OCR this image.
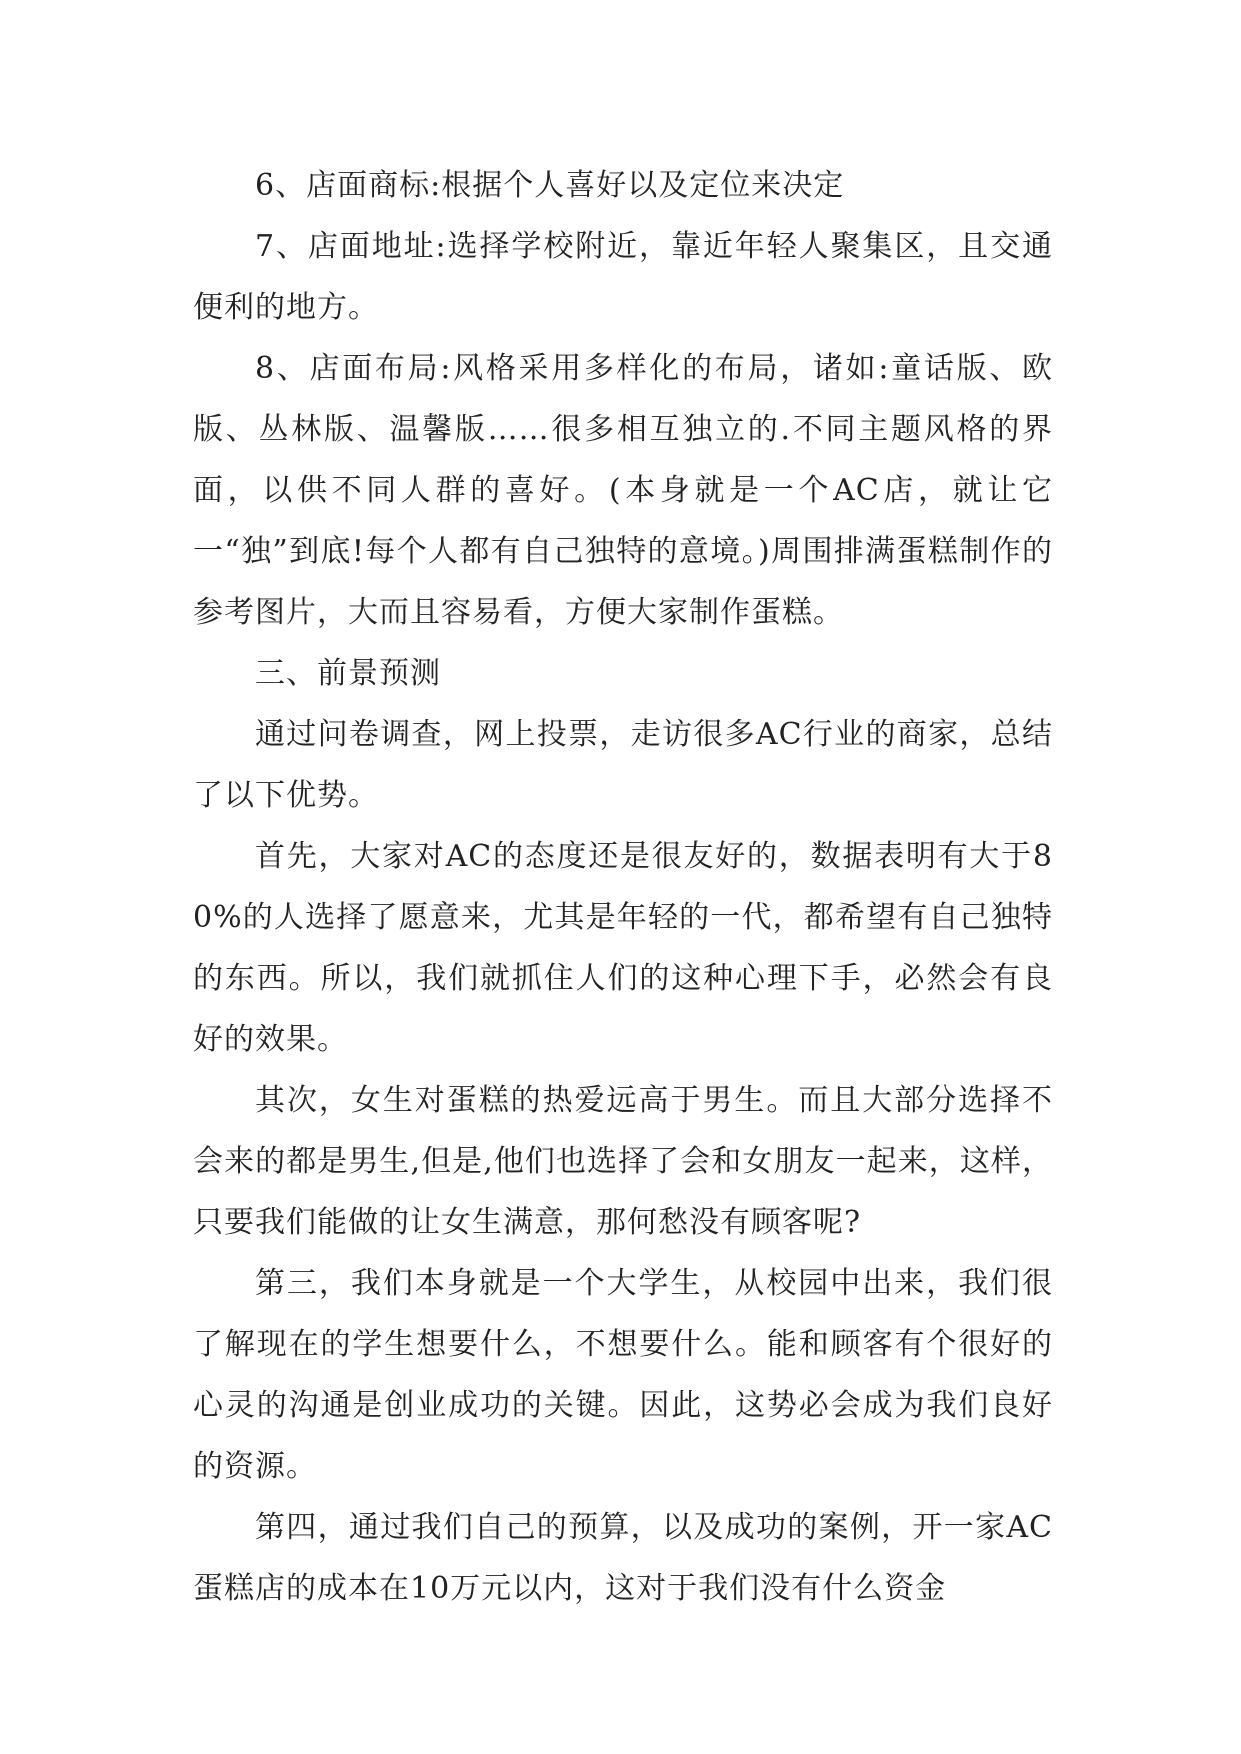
6、店面商标:根据个人喜好以及定位来决定

7、店面地址:选择学校附近，靠近年轻人聚集区，且交通便利的地方。

8、店面布局:风格采用多样化的布局，诸如:童话版、欧版、丛林版、温馨版……很多相互独立的.不同主题风格的界面，以供不同人群的喜好。(本身就是一个AC店，就让它一“独”到底!每个人都有自己独特的意境。)周围排满蛋糕制作的参考图片，大而且容易看，方便大家制作蛋糕。

三、前景预测

通过问卷调查，网上投票，走访很多AC行业的商家，总结了以下优势。

首先，大家对AC的态度还是很友好的，数据表明有大于80%的人选择了愿意来，尤其是年轻的一代，都希望有自己独特的东西。所以，我们就抓住人们的这种心理下手，必然会有良好的效果。

其次，女生对蛋糕的热爱远高于男生。而且大部分选择不会来的都是男生,但是,他们也选择了会和女朋友一起来，这样，只要我们能做的让女生满意，那何愁没有顾客呢?

第三，我们本身就是一个大学生，从校园中出来，我们很了解现在的学生想要什么，不想要什么。能和顾客有个很好的心灵的沟通是创业成功的关键。因此，这势必会成为我们良好的资源。

第四，通过我们自己的预算，以及成功的案例，开一家AC蛋糕店的成本在10万元以内，这对于我们没有什么资金
